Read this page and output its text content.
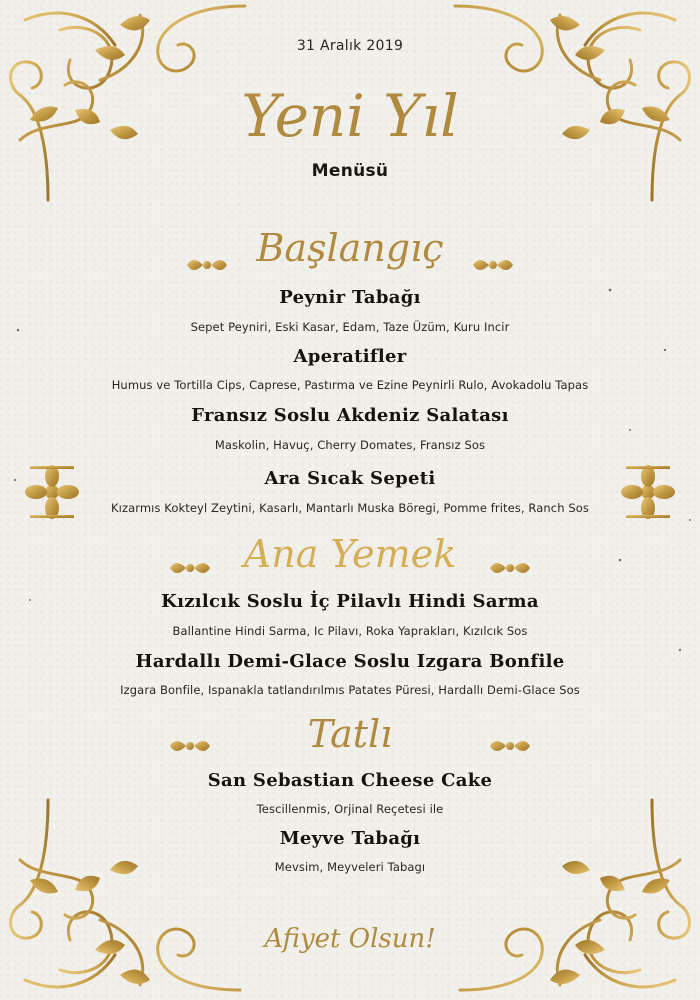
31 Aralık 2019
Yeni Yıl
Menüsü
Başlangıç
Peynir Tabağı
Sepet Peyniri, Eski Kasar, Edam, Taze Üzüm, Kuru Incir
Aperatifler
Humus ve Tortilla Cips, Caprese, Pastırma ve Ezine Peynirli Rulo, Avokadolu Tapas
Fransız Soslu Akdeniz Salatası
Maskolin, Havuç, Cherry Domates, Fransız Sos
Ara Sıcak Sepeti
Kızarmıs Kokteyl Zeytini, Kasarlı, Mantarlı Muska Böregi, Pomme frites, Ranch Sos
Ana Yemek
Kızılcık Soslu İç Pilavlı Hindi Sarma
Ballantine Hindi Sarma, Ic Pilavı, Roka Yaprakları, Kızılcık Sos
Hardallı Demi-Glace Soslu Izgara Bonfile
Izgara Bonfile, Ispanakla tatlandırılmıs Patates Püresi, Hardallı Demi-Glace Sos
Tatlı
San Sebastian Cheese Cake
Tescillenmis, Orjinal Reçetesi ile
Meyve Tabağı
Mevsim, Meyveleri Tabagı
Afiyet Olsun!
